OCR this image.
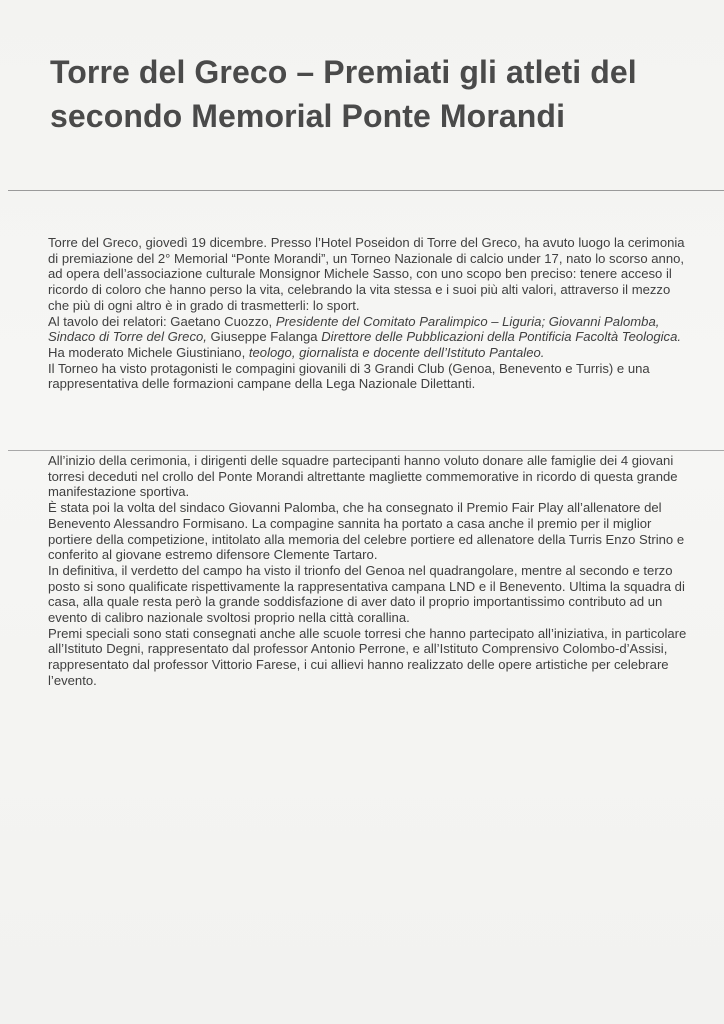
Torre del Greco – Premiati gli atleti del secondo Memorial Ponte Morandi

Torre del Greco, giovedì 19 dicembre. Presso l’Hotel Poseidon di Torre del Greco, ha avuto luogo la cerimonia di premiazione del 2° Memorial “Ponte Morandi”, un Torneo Nazionale di calcio under 17, nato lo scorso anno, ad opera dell’associazione culturale Monsignor Michele Sasso, con uno scopo ben preciso: tenere acceso il ricordo di coloro che hanno perso la vita, celebrando la vita stessa e i suoi più alti valori, attraverso il mezzo che più di ogni altro è in grado di trasmetterli: lo sport.

Al tavolo dei relatori: Gaetano Cuozzo, Presidente del Comitato Paralimpico – Liguria; Giovanni Palomba, Sindaco di Torre del Greco, Giuseppe Falanga Direttore delle Pubblicazioni della Pontificia Facoltà Teologica. Ha moderato Michele Giustiniano, teologo, giornalista e docente dell’Istituto Pantaleo.

Il Torneo ha visto protagonisti le compagini giovanili di 3 Grandi Club (Genoa, Benevento e Turris) e una rappresentativa delle formazioni campane della Lega Nazionale Dilettanti.

All’inizio della cerimonia, i dirigenti delle squadre partecipanti hanno voluto donare alle famiglie dei 4 giovani torresi deceduti nel crollo del Ponte Morandi altrettante magliette commemorative in ricordo di questa grande manifestazione sportiva.

È stata poi la volta del sindaco Giovanni Palomba, che ha consegnato il Premio Fair Play all’allenatore del Benevento Alessandro Formisano. La compagine sannita ha portato a casa anche il premio per il miglior portiere della competizione, intitolato alla memoria del celebre portiere ed allenatore della Turris Enzo Strino e conferito al giovane estremo difensore Clemente Tartaro.

In definitiva, il verdetto del campo ha visto il trionfo del Genoa nel quadrangolare, mentre al secondo e terzo posto si sono qualificate rispettivamente la rappresentativa campana LND e il Benevento. Ultima la squadra di casa, alla quale resta però la grande soddisfazione di aver dato il proprio importantissimo contributo ad un evento di calibro nazionale svoltosi proprio nella città corallina.

Premi speciali sono stati consegnati anche alle scuole torresi che hanno partecipato all’iniziativa, in particolare all’Istituto Degni, rappresentato dal professor Antonio Perrone, e all’Istituto Comprensivo Colombo-d’Assisi, rappresentato dal professor Vittorio Farese, i cui allievi hanno realizzato delle opere artistiche per celebrare l’evento.
